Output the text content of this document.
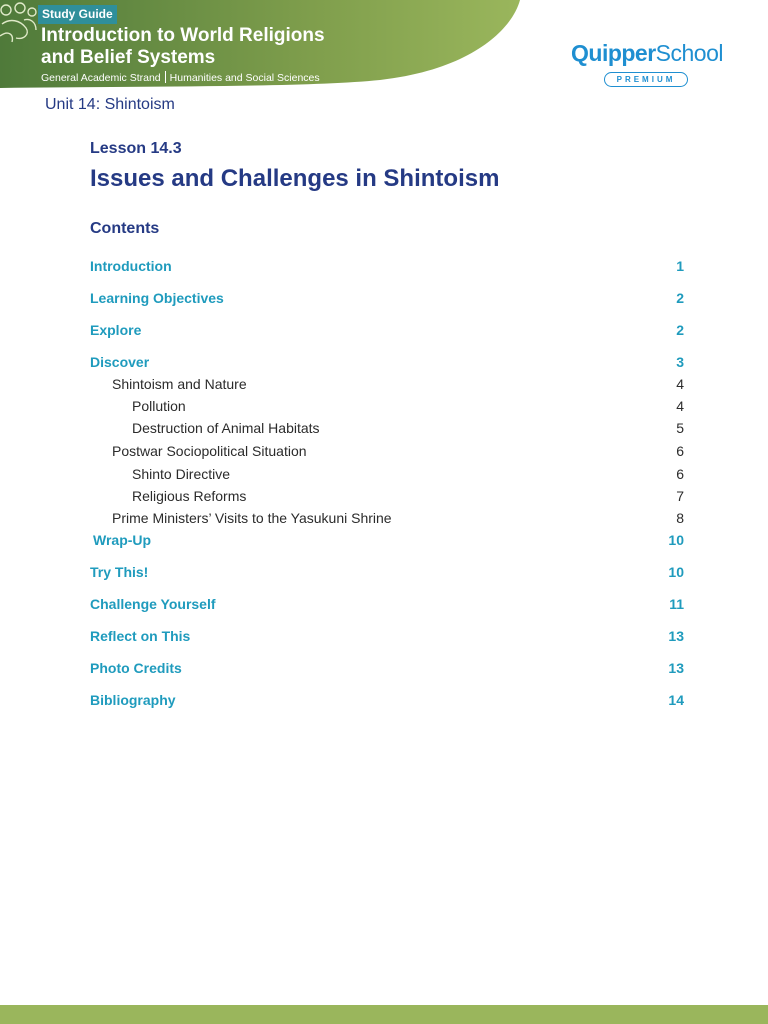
Study Guide
Introduction to World Religions and Belief Systems
General Academic Strand Humanities and Social Sciences
QuipperSchool
PREMIUM
Unit 14: Shintoism
Lesson 14.3
Issues and Challenges in Shintoism
Contents
Introduction	1
Learning Objectives	2
Explore	2
Discover	3
Shintoism and Nature	4
Pollution	4
Destruction of Animal Habitats	5
Postwar Sociopolitical Situation	6
Shinto Directive	6
Religious Reforms	7
Prime Ministers’ Visits to the Yasukuni Shrine	8
Wrap-Up	10
Try This!	10
Challenge Yourself	11
Reflect on This	13
Photo Credits	13
Bibliography	14
